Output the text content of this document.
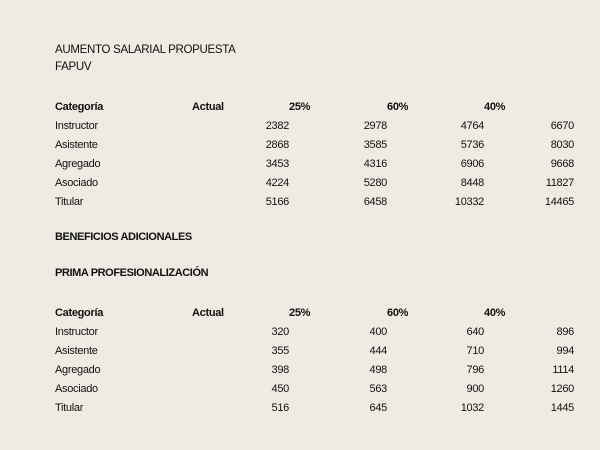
AUMENTO SALARIAL PROPUESTA
FAPUV
Categoría	Actual	25%	60%	40%
Instructor	2382	2978	4764	6670
Asistente	2868	3585	5736	8030
Agregado	3453	4316	6906	9668
Asociado	4224	5280	8448	11827
Titular	5166	6458	10332	14465
BENEFICIOS ADICIONALES
PRIMA PROFESIONALIZACIÓN
Categoría	Actual	25%	60%	40%
Instructor	320	400	640	896
Asistente	355	444	710	994
Agregado	398	498	796	1114
Asociado	450	563	900	1260
Titular	516	645	1032	1445
